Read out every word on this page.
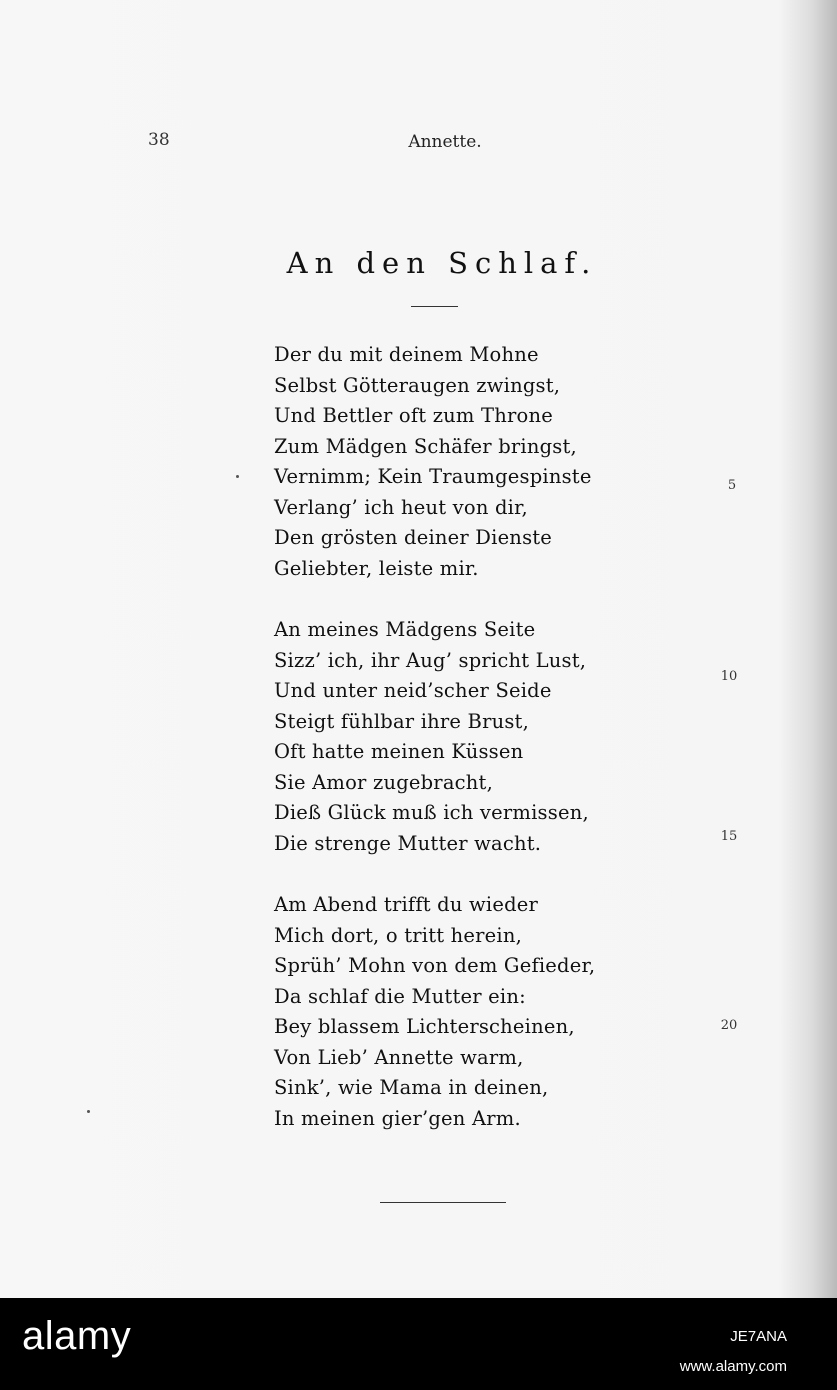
38	Annette.
An den Schlaf.
Der du mit deinem Mohne
Selbst Götteraugen zwingst,
Und Bettler oft zum Throne
Zum Mädgen Schäfer bringst,
Vernimm; Kein Traumgespinste
Verlang’ ich heut von dir,
Den grösten deiner Dienste
Geliebter, leiste mir.
An meines Mädgens Seite
Sizz’ ich, ihr Aug’ spricht Lust,
Und unter neid’scher Seide
Steigt fühlbar ihre Brust,
Oft hatte meinen Küssen
Sie Amor zugebracht,
Dieß Glück muß ich vermissen,
Die strenge Mutter wacht.
Am Abend trifft du wieder
Mich dort, o tritt herein,
Sprüh’ Mohn von dem Gefieder,
Da schlaf die Mutter ein:
Bey blassem Lichterscheinen,
Von Lieb’ Annette warm,
Sink’, wie Mama in deinen,
In meinen gier’gen Arm.
5
10
15
20
alamy	JE7ANA
www.alamy.com
